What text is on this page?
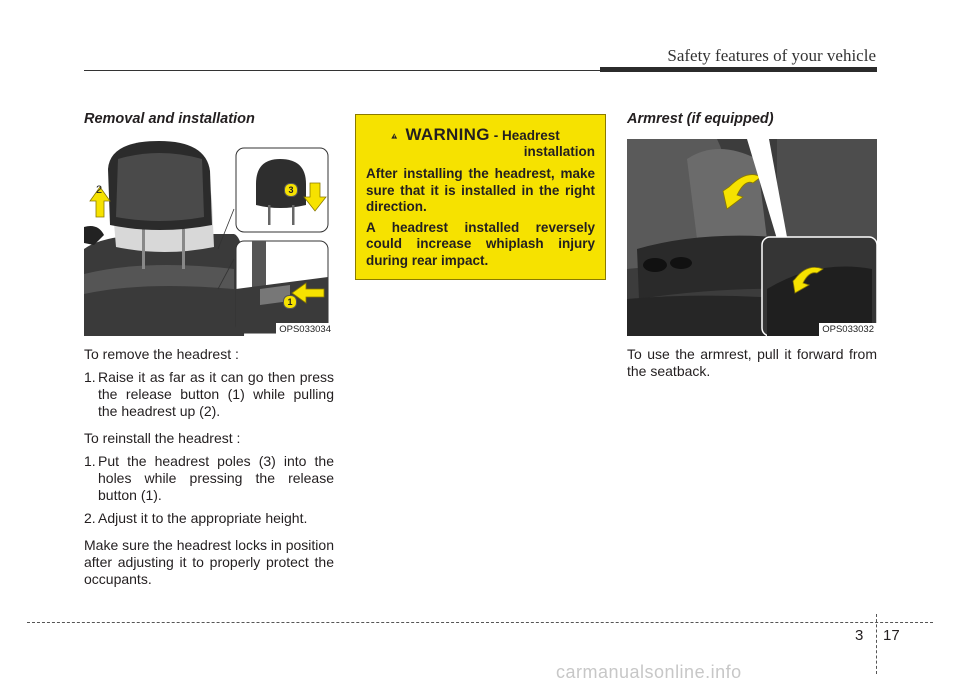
Safety features of your vehicle
Removal and installation
2	3
1
OPS033034

To remove the headrest :

1. Raise it as far as it can go then press the release button (1) while pulling the headrest up (2).

To reinstall the headrest :

1. Put the headrest poles (3) into the holes while pressing the release button (1).
2. Adjust it to the appropriate height.

Make sure the headrest locks in position after adjusting it to properly protect the occupants.

WARNING - Headrest
installation
After installing the headrest, make sure that it is installed in the right direction.
A headrest installed reversely could increase whiplash injury during rear impact.
Armrest (if equipped)
OPS033032
To use the armrest, pull it forward from the seatback.
3 17
carmanualsonline.info
